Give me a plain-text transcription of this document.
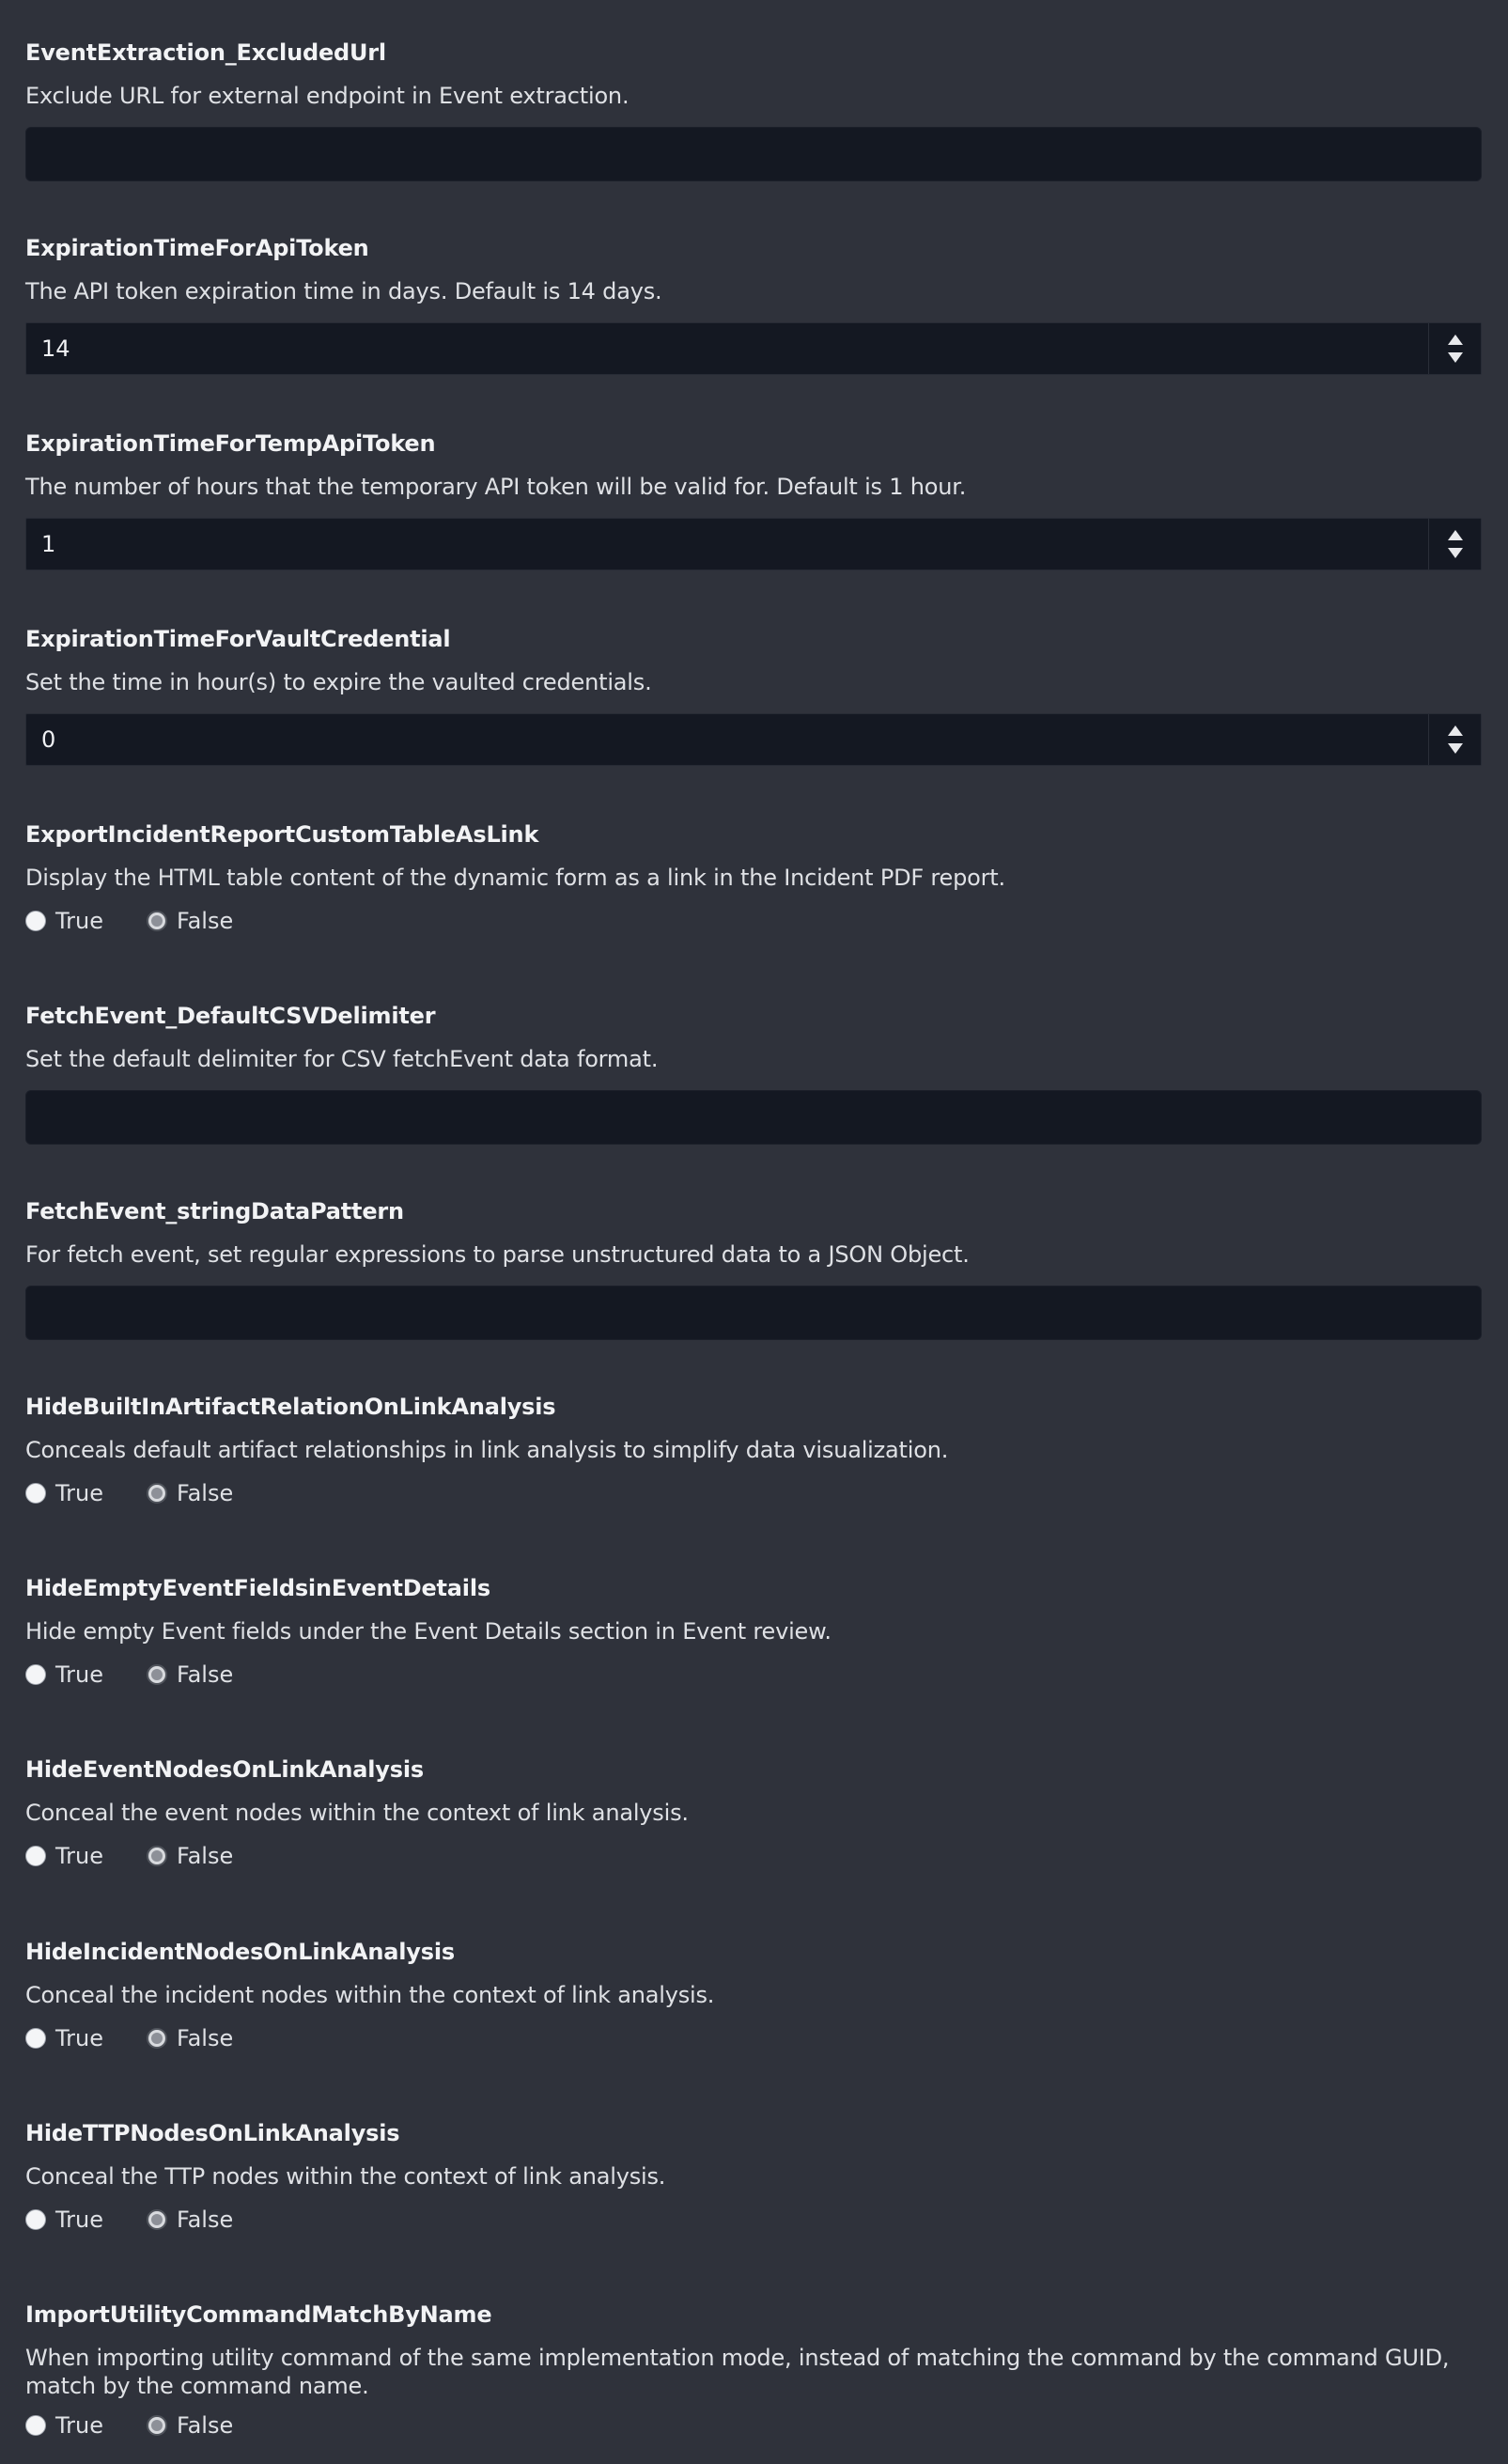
EventExtraction_ExcludedUrl
Exclude URL for external endpoint in Event extraction.
ExpirationTimeForApiToken
The API token expiration time in days. Default is 14 days.
14
ExpirationTimeForTempApiToken
The number of hours that the temporary API token will be valid for. Default is 1 hour.
1
ExpirationTimeForVaultCredential
Set the time in hour(s) to expire the vaulted credentials.
0
ExportIncidentReportCustomTableAsLink
Display the HTML table content of the dynamic form as a link in the Incident PDF report.
True	False
FetchEvent_DefaultCSVDelimiter
Set the default delimiter for CSV fetchEvent data format.
FetchEvent_stringDataPattern
For fetch event, set regular expressions to parse unstructured data to a JSON Object.
HideBuiltInArtifactRelationOnLinkAnalysis
Conceals default artifact relationships in link analysis to simplify data visualization.
True	False
HideEmptyEventFieldsinEventDetails
Hide empty Event fields under the Event Details section in Event review.
True	False
HideEventNodesOnLinkAnalysis
Conceal the event nodes within the context of link analysis.
True	False
HideIncidentNodesOnLinkAnalysis
Conceal the incident nodes within the context of link analysis.
True	False
HideTTPNodesOnLinkAnalysis
Conceal the TTP nodes within the context of link analysis.
True	False
ImportUtilityCommandMatchByName
When importing utility command of the same implementation mode, instead of matching the command by the command GUID, match by the command name.
True	False
